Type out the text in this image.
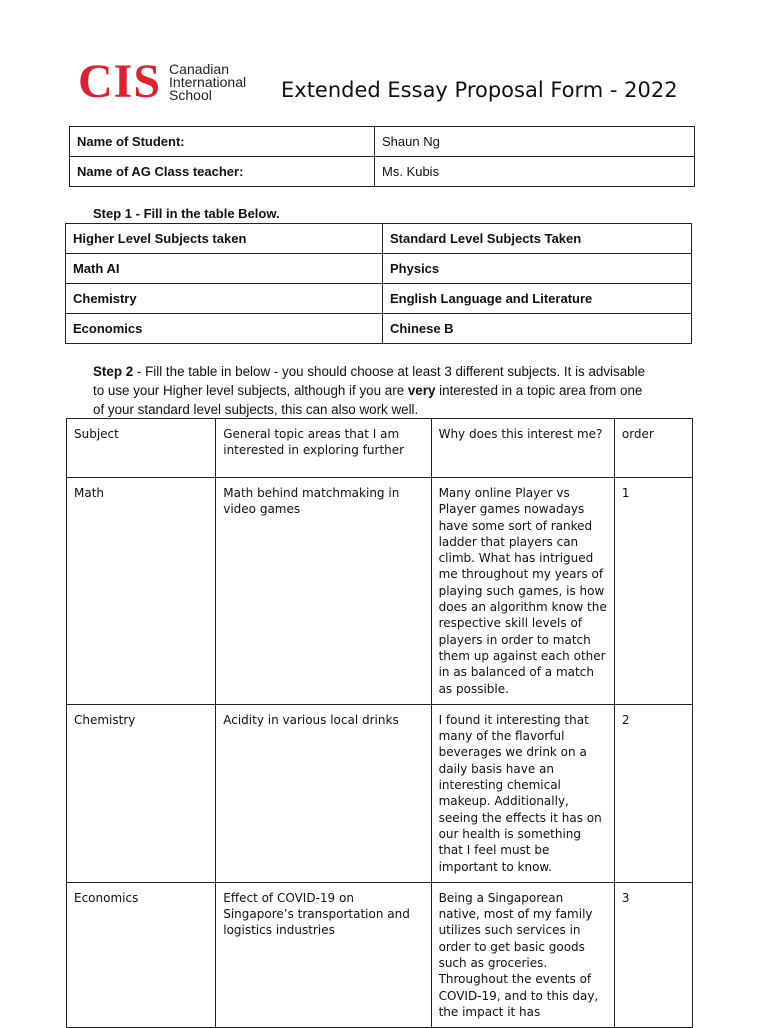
CIS Canadian
International
School	Extended Essay Proposal Form - 2022
Name of Student:	Shaun Ng
Name of AG Class teacher:	Ms. Kubis
Step 1 - Fill in the table Below.
Higher Level Subjects taken	Standard Level Subjects Taken
Math AI	Physics
Chemistry	English Language and Literature
Economics	Chinese B
Step 2 - Fill the table in below - you should choose at least 3 different subjects. It is advisable to use your Higher level subjects, although if you are very interested in a topic area from one of your standard level subjects, this can also work well.
Subject	General topic areas that I am interested in exploring further	Why does this interest me?	order
Math	Math behind matchmaking in video games	Many online Player vs Player games nowadays have some sort of ranked ladder that players can climb. What has intrigued me throughout my years of playing such games, is how does an algorithm know the respective skill levels of players in order to match them up against each other in as balanced of a match as possible.	1
Chemistry	Acidity in various local drinks	I found it interesting that many of the flavorful beverages we drink on a daily basis have an interesting chemical makeup. Additionally, seeing the effects it has on our health is something that I feel must be important to know.	2
Economics	Effect of COVID-19 on Singapore’s transportation and logistics industries	Being a Singaporean native, most of my family utilizes such services in order to get basic goods such as groceries. Throughout the events of COVID-19, and to this day, the impact it has	3
